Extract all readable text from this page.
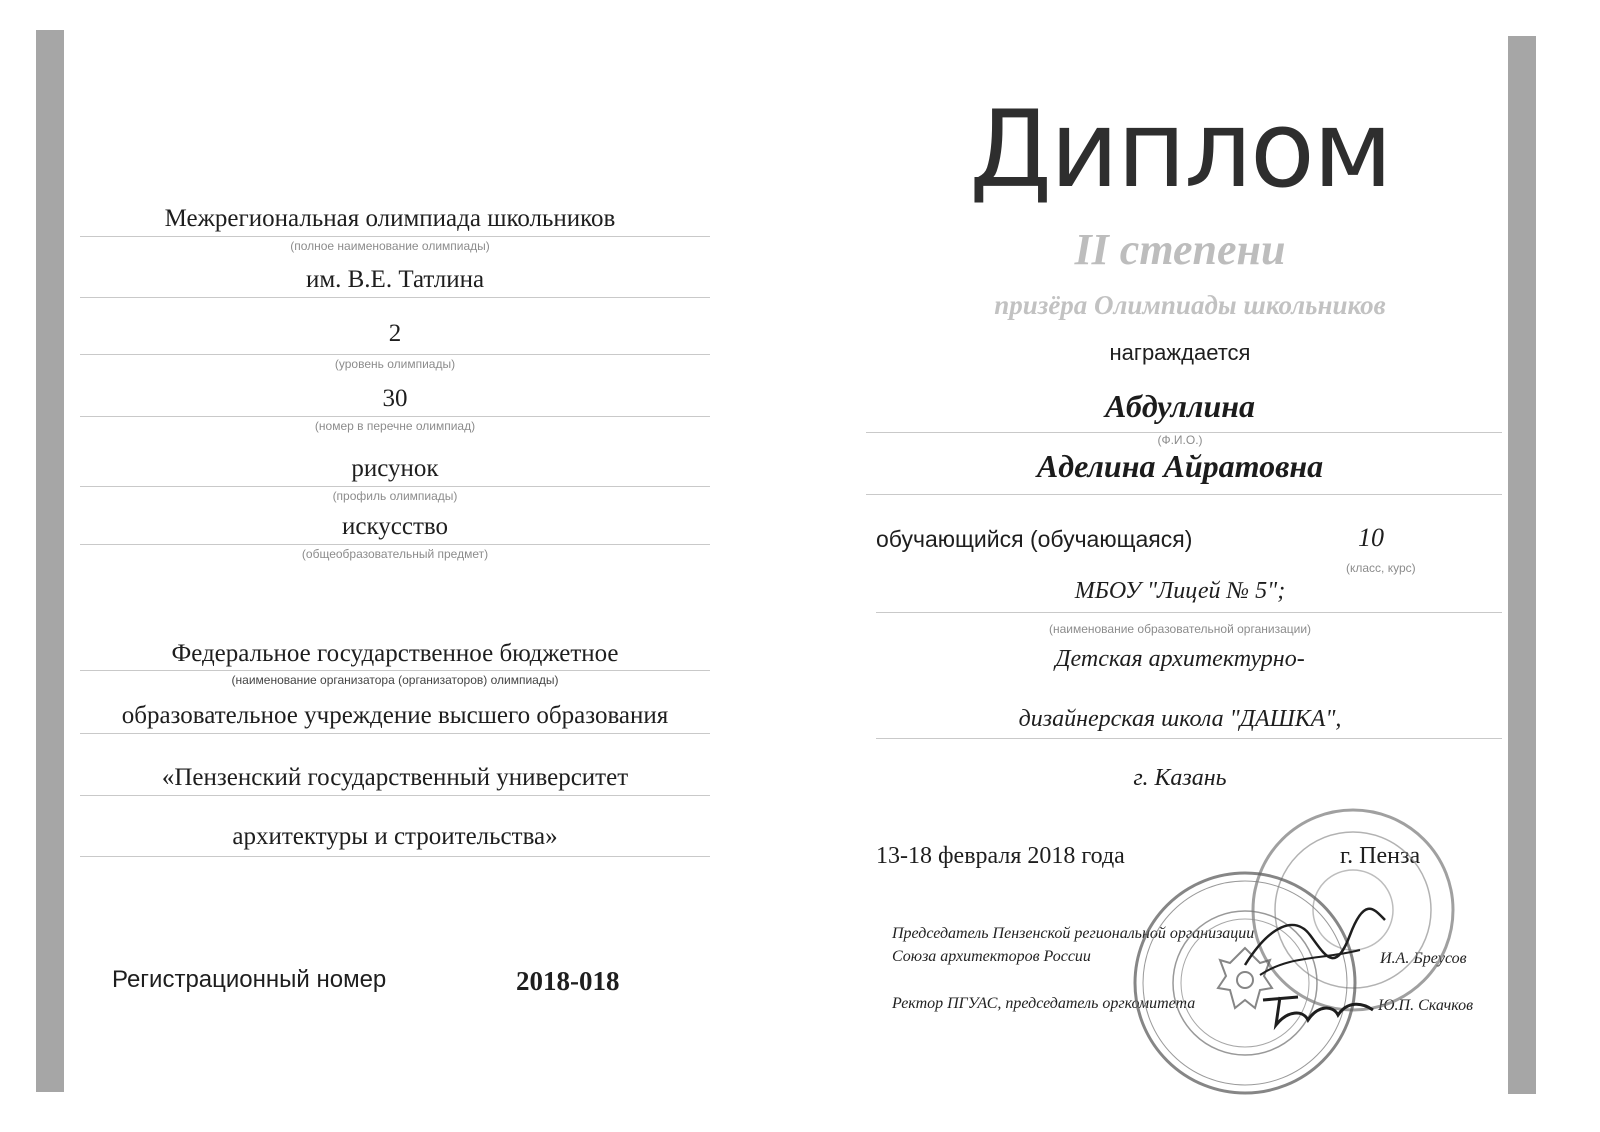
Межрегиональная олимпиада школьников
(полное наименование олимпиады)
им. В.Е. Татлина
2
(уровень олимпиады)
30
(номер в перечне олимпиад)
рисунок
(профиль олимпиады)
искусство
(общеобразовательный предмет)
Федеральное государственное бюджетное
(наименование организатора (организаторов) олимпиады)
образовательное учреждение высшего образования
«Пензенский государственный университет
архитектуры и строительства»
Регистрационный номер	2018-018
Диплом
II степени
призёра Олимпиады школьников
награждается
Абдуллина
(Ф.И.О.)
Аделина Айратовна
обучающийся (обучающаяся)	10
(класс, курс)
МБОУ "Лицей № 5";
(наименование образовательной организации)
Детская архитектурно-
дизайнерская школа "ДАШКА",
г. Казань
13-18 февраля 2018 года	г. Пенза
Председатель Пензенской региональной организации
Союза архитекторов России	И.А. Бреусов
Ректор ПГУАС, председатель оргкомитета	Ю.П. Скачков
